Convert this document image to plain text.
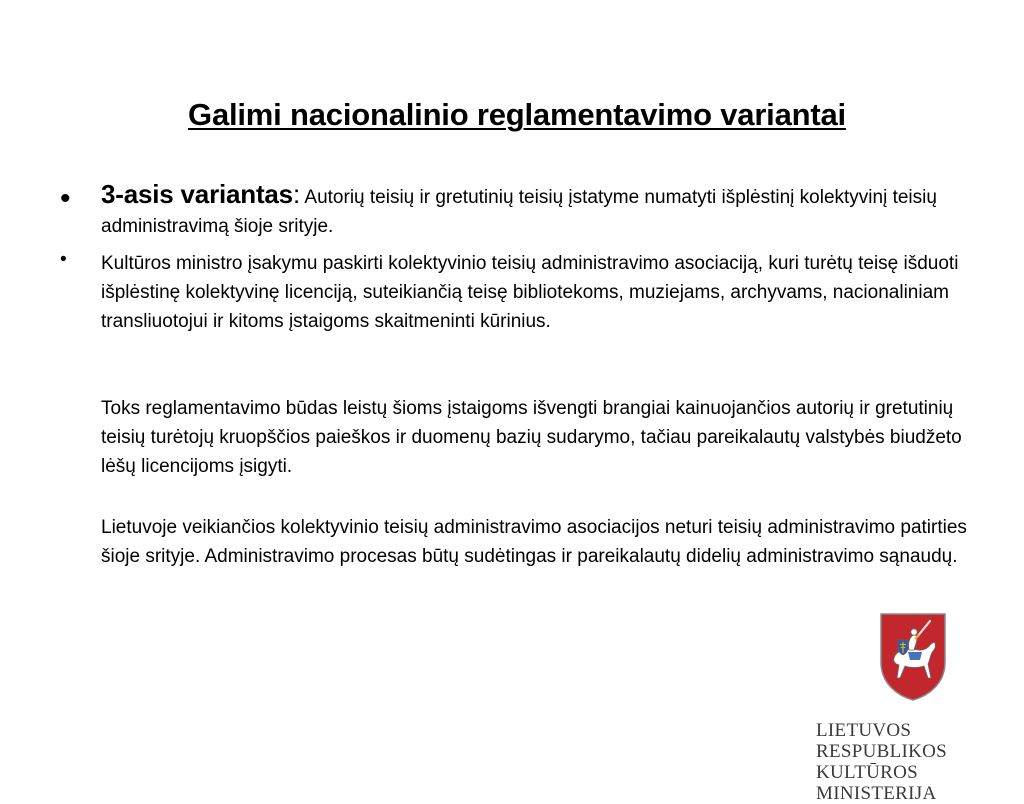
Galimi nacionalinio reglamentavimo variantai
• 3-asis variantas: Autorių teisių ir gretutinių teisių įstatyme numatyti išplėstinį kolektyvinį teisių administravimą šioje srityje.
• Kultūros ministro įsakymu paskirti kolektyvinio teisių administravimo asociaciją, kuri turėtų teisę išduoti išplėstinę kolektyvinę licenciją, suteikiančią teisę bibliotekoms, muziejams, archyvams, nacionaliniam transliuotojui ir kitoms įstaigoms skaitmeninti kūrinius.
Toks reglamentavimo būdas leistų šioms įstaigoms išvengti brangiai kainuojančios autorių ir gretutinių teisių turėtojų kruopščios paieškos ir duomenų bazių sudarymo, tačiau pareikalautų valstybės biudžeto lėšų licencijoms įsigyti.
Lietuvoje veikiančios kolektyvinio teisių administravimo asociacijos neturi teisių administravimo patirties šioje srityje. Administravimo procesas būtų sudėtingas ir pareikalautų didelių administravimo sąnaudų.
LIETUVOS RESPUBLIKOS
KULTŪROS MINISTERIJA
